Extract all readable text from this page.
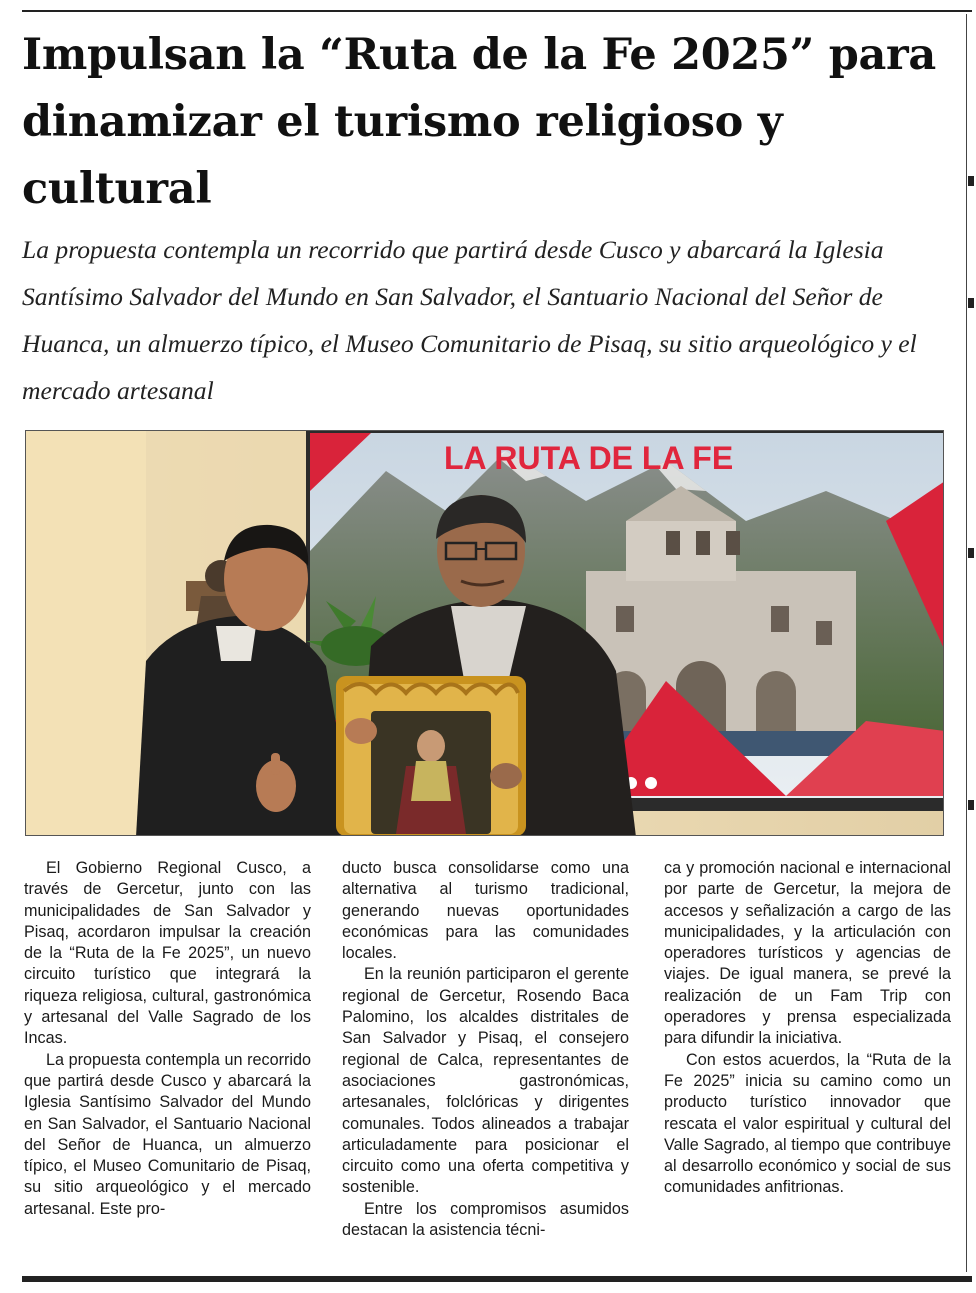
Impulsan la “Ruta de la Fe 2025” para dinamizar el turismo religioso y cultural

La propuesta contempla un recorrido que partirá desde Cusco y abarcará la Iglesia Santísimo Salvador del Mundo en San Salvador, el Santuario Nacional del Señor de Huanca, un almuerzo típico, el Museo Comunitario de Pisaq, su sitio arqueológico y el mercado artesanal

LA RUTA DE LA FE

El Gobierno Regional Cusco, a través de Gercetur, junto con las municipalidades de San Salvador y Pisaq, acordaron impulsar la creación de la “Ruta de la Fe 2025”, un nuevo circuito turístico que integrará la riqueza religiosa, cultural, gastronómica y artesanal del Valle Sagrado de los Incas.

La propuesta contempla un recorrido que partirá desde Cusco y abarcará la Iglesia Santísimo Salvador del Mundo en San Salvador, el Santuario Nacional del Señor de Huanca, un almuerzo típico, el Museo Comunitario de Pisaq, su sitio arqueológico y el mercado artesanal. Este pro-

ducto busca consolidarse como una alternativa al turismo tradicional, generando nuevas oportunidades económicas para las comunidades locales.

En la reunión participaron el gerente regional de Gercetur, Rosendo Baca Palomino, los alcaldes distritales de San Salvador y Pisaq, el consejero regional de Calca, representantes de asociaciones gastronómicas, artesanales, folclóricas y dirigentes comunales. Todos alineados a trabajar articuladamente para posicionar el circuito como una oferta competitiva y sostenible.

Entre los compromisos asumidos destacan la asistencia técni-

ca y promoción nacional e internacional por parte de Gercetur, la mejora de accesos y señalización a cargo de las municipalidades, y la articulación con operadores turísticos y agencias de viajes. De igual manera, se prevé la realización de un Fam Trip con operadores y prensa especializada para difundir la iniciativa.

Con estos acuerdos, la “Ruta de la Fe 2025” inicia su camino como un producto turístico innovador que rescata el valor espiritual y cultural del Valle Sagrado, al tiempo que contribuye al desarrollo económico y social de sus comunidades anfitrionas.
